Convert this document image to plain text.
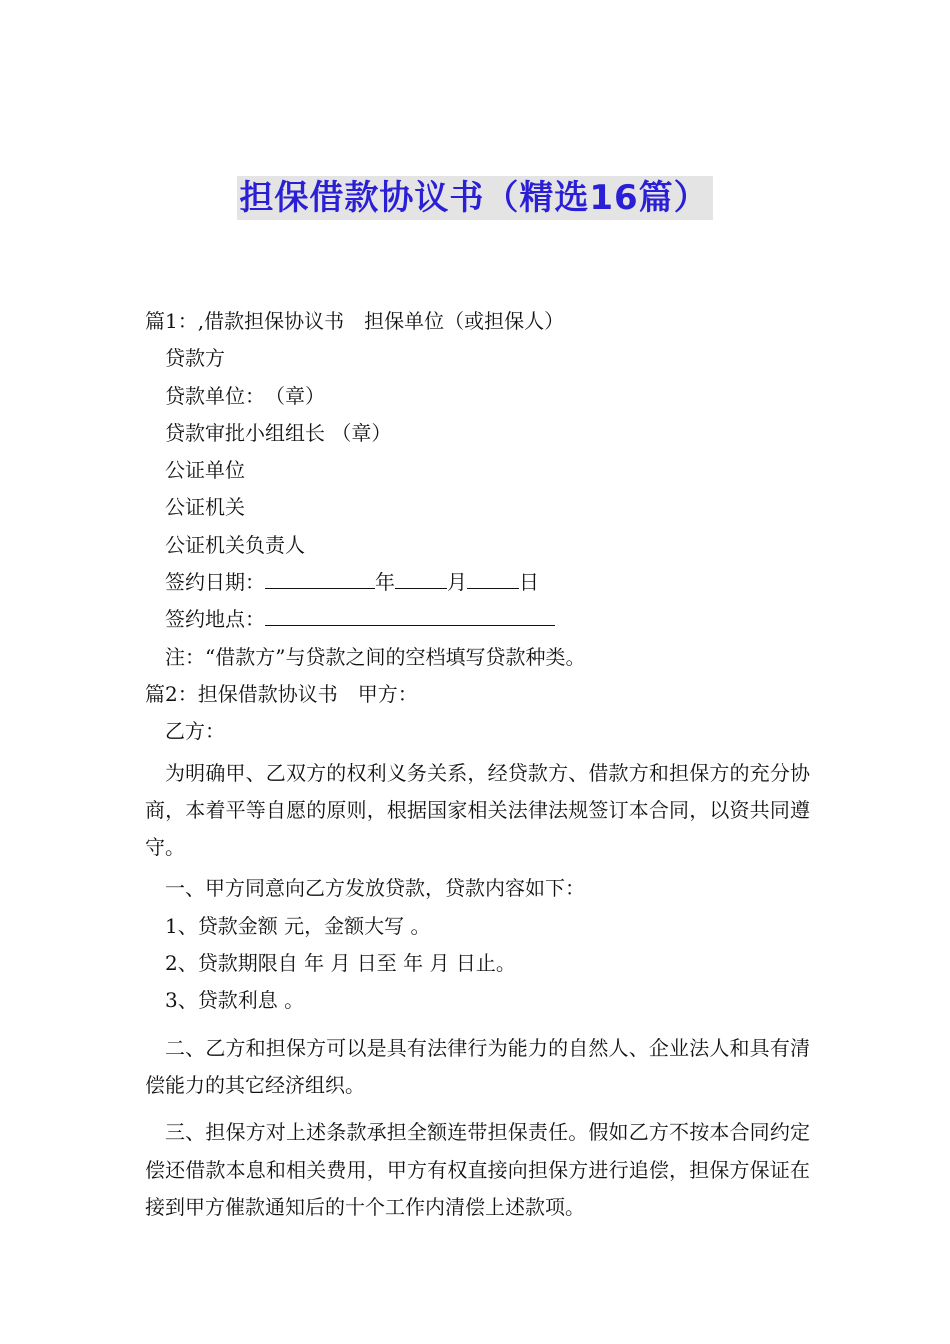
担保借款协议书（精选16篇）
篇1：,借款担保协议书　担保单位（或担保人）
贷款方
贷款单位：　（章）
贷款审批小组组长 （章）
公证单位
公证机关
公证机关负责人
签约日期：	年	月	日
签约地点：
注：“借款方”与贷款之间的空档填写贷款种类。
篇2：担保借款协议书　甲方：
乙方：
为明确甲、乙双方的权利义务关系，经贷款方、借款方和担保方的充分协商，本着平等自愿的原则，根据国家相关法律法规签订本合同，以资共同遵守。
一、甲方同意向乙方发放贷款，贷款内容如下：
1、贷款金额 元，金额大写 。
2、贷款期限自 年 月 日至 年 月 日止。
3、贷款利息 。
二、乙方和担保方可以是具有法律行为能力的自然人、企业法人和具有清偿能力的其它经济组织。
三、担保方对上述条款承担全额连带担保责任。假如乙方不按本合同约定偿还借款本息和相关费用，甲方有权直接向担保方进行追偿，担保方保证在接到甲方催款通知后的十个工作内清偿上述款项。
